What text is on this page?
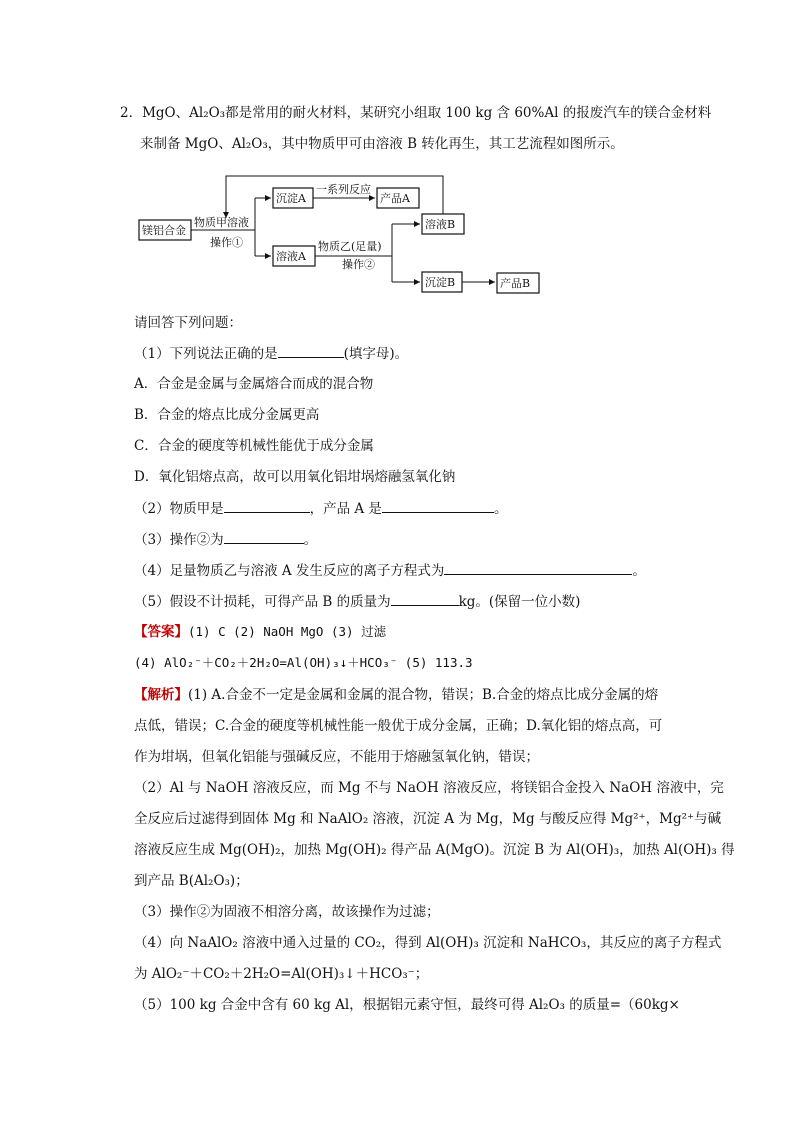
2．MgO、Al₂O₃都是常用的耐火材料，某研究小组取 100 kg 含 60%Al 的报废汽车的镁合金材料
来制备 MgO、Al₂O₃，其中物质甲可由溶液 B 转化再生，其工艺流程如图所示。
镁铝合金
沉淀A	产品A
溶液A
溶液B
沉淀B	产品B
物质甲溶液
操作①
一系列反应
物质乙(足量)
操作②
请回答下列问题：
（1）下列说法正确的是	(填字母)。
A．合金是金属与金属熔合而成的混合物
B．合金的熔点比成分金属更高
C．合金的硬度等机械性能优于成分金属
D．氧化铝熔点高，故可以用氧化铝坩埚熔融氢氧化钠
（2）物质甲是	，产品 A 是	。
（3）操作②为	。
（4）足量物质乙与溶液 A 发生反应的离子方程式为	。
（5）假设不计损耗，可得产品 B 的质量为	kg。(保留一位小数)
【答案】(1) C (2) NaOH MgO (3) 过滤
(4) AlO₂⁻＋CO₂＋2H₂O=Al(OH)₃↓＋HCO₃⁻ (5) 113.3
【解析】(1) A.合金不一定是金属和金属的混合物，错误；B.合金的熔点比成分金属的熔
点低，错误；C.合金的硬度等机械性能一般优于成分金属，正确；D.氧化铝的熔点高，可
作为坩埚，但氧化铝能与强碱反应，不能用于熔融氢氧化钠，错误；
（2）Al 与 NaOH 溶液反应，而 Mg 不与 NaOH 溶液反应，将镁铝合金投入 NaOH 溶液中，完
全反应后过滤得到固体 Mg 和 NaAlO₂ 溶液，沉淀 A 为 Mg，Mg 与酸反应得 Mg²⁺，Mg²⁺与碱
溶液反应生成 Mg(OH)₂，加热 Mg(OH)₂ 得产品 A(MgO)。沉淀 B 为 Al(OH)₃，加热 Al(OH)₃ 得
到产品 B(Al₂O₃)；
（3）操作②为固液不相溶分离，故该操作为过滤；
（4）向 NaAlO₂ 溶液中通入过量的 CO₂，得到 Al(OH)₃ 沉淀和 NaHCO₃，其反应的离子方程式
为 AlO₂⁻＋CO₂＋2H₂O=Al(OH)₃↓＋HCO₃⁻；
（5）100 kg 合金中含有 60 kg Al，根据铝元素守恒，最终可得 Al₂O₃ 的质量=（60kg×
